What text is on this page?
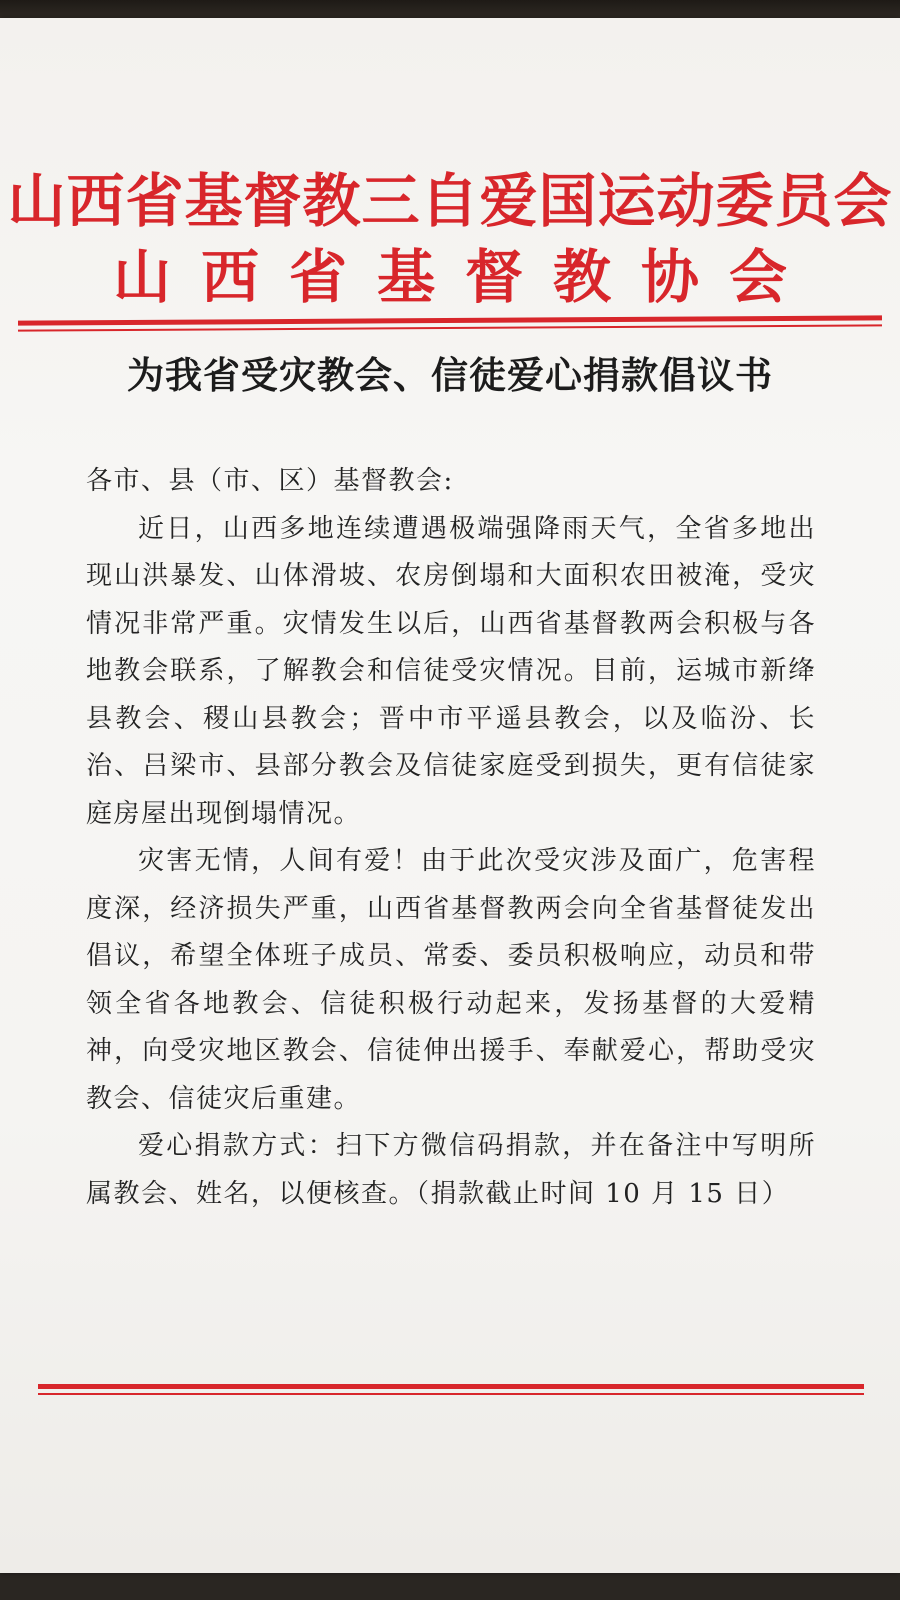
山西省基督教三自爱国运动委员会
山西省基督教协会
为我省受灾教会、信徒爱心捐款倡议书

各市、县（市、区）基督教会:

近日，山西多地连续遭遇极端强降雨天气，全省多地出现山洪暴发、山体滑坡、农房倒塌和大面积农田被淹，受灾情况非常严重。灾情发生以后，山西省基督教两会积极与各地教会联系，了解教会和信徒受灾情况。目前，运城市新绛县教会、稷山县教会；晋中市平遥县教会，以及临汾、长治、吕梁市、县部分教会及信徒家庭受到损失，更有信徒家庭房屋出现倒塌情况。

灾害无情，人间有爱！由于此次受灾涉及面广，危害程度深，经济损失严重，山西省基督教两会向全省基督徒发出倡议，希望全体班子成员、常委、委员积极响应，动员和带领全省各地教会、信徒积极行动起来，发扬基督的大爱精神，向受灾地区教会、信徒伸出援手、奉献爱心，帮助受灾教会、信徒灾后重建。

爱心捐款方式：扫下方微信码捐款，并在备注中写明所属教会、姓名，以便核查。（捐款截止时间 10 月 15 日）
